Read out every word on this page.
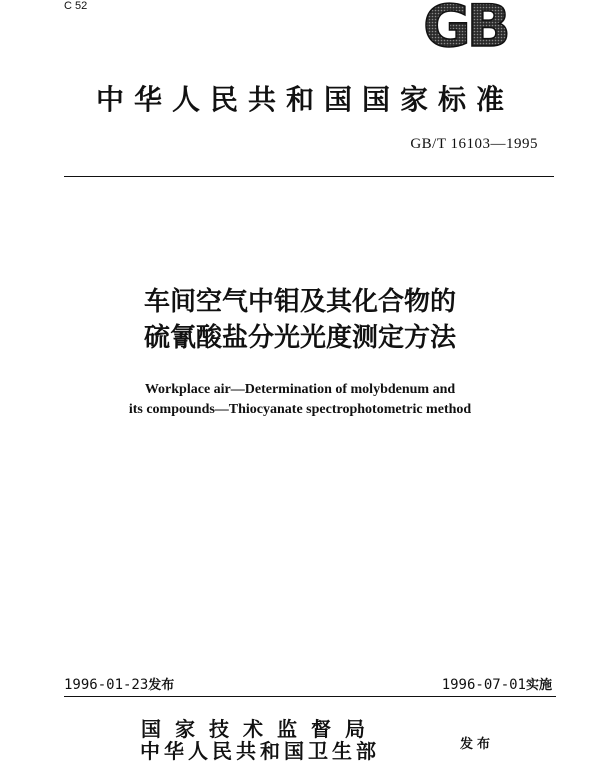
C 52	GB
中华人民共和国国家标准
GB/T 16103—1995
车间空气中钼及其化合物的
硫氰酸盐分光光度测定方法
Workplace air—Determination of molybdenum and
its compounds—Thiocyanate spectrophotometric method
1996-01-23发布	1996-07-01实施
国家技术监督局
中华人民共和国卫生部	发布
